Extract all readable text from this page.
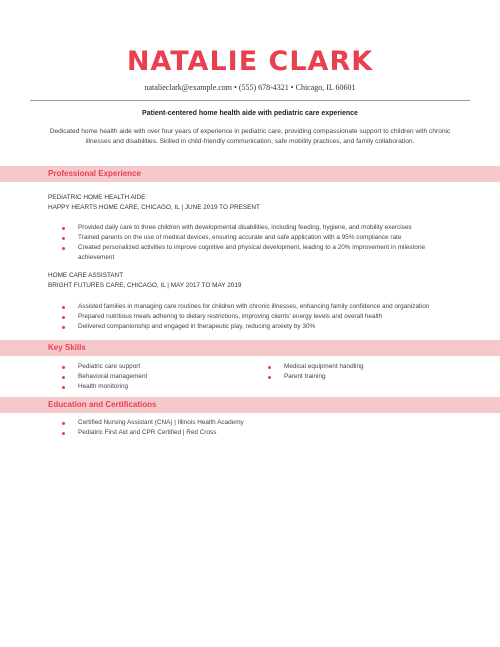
NATALIE CLARK
natalieclark@example.com • (555) 678-4321 • Chicago, IL 60601
Patient-centered home health aide with pediatric care experience
Dedicated home health aide with over four years of experience in pediatric care, providing compassionate support to children with chronic illnesses and disabilities. Skilled in child-friendly communication, safe mobility practices, and family collaboration.
Professional Experience
PEDIATRIC HOME HEALTH AIDE
HAPPY HEARTS HOME CARE, CHICAGO, IL | JUNE 2019 TO PRESENT
Provided daily care to three children with developmental disabilities, including feeding, hygiene, and mobility exercises
Trained parents on the use of medical devices, ensuring accurate and safe application with a 95% compliance rate
Created personalized activities to improve cognitive and physical development, leading to a 20% improvement in milestone achievement
HOME CARE ASSISTANT
BRIGHT FUTURES CARE, CHICAGO, IL | MAY 2017 TO MAY 2019
Assisted families in managing care routines for children with chronic illnesses, enhancing family confidence and organization
Prepared nutritious meals adhering to dietary restrictions, improving clients' energy levels and overall health
Delivered companionship and engaged in therapeutic play, reducing anxiety by 30%
Key Skills
Pediatric care support
Behavioral management
Health monitoring
Medical equipment handling
Parent training
Education and Certifications
Certified Nursing Assistant (CNA) | Illinois Health Academy
Pediatric First Aid and CPR Certified | Red Cross
